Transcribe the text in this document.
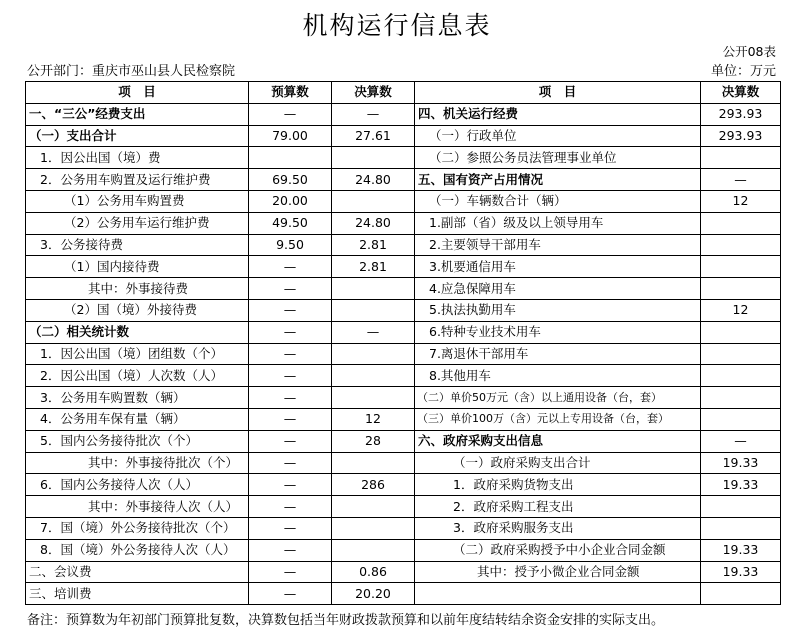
机构运行信息表
公开08表
公开部门：重庆市巫山县人民检察院	单位：万元
项　目	预算数	决算数	项　目	决算数
一、“三公”经费支出	—	—	四、机关运行经费	293.93
（一）支出合计	79.00	27.61	（一）行政单位	293.93
1．因公出国（境）费			（二）参照公务员法管理事业单位	
2．公务用车购置及运行维护费	69.50	24.80	五、国有资产占用情况	—
（1）公务用车购置费	20.00		（一）车辆数合计（辆）	12
（2）公务用车运行维护费	49.50	24.80	1.副部（省）级及以上领导用车	
3．公务接待费	9.50	2.81	2.主要领导干部用车	
（1）国内接待费	—	2.81	3.机要通信用车	
其中：外事接待费	—		4.应急保障用车	
（2）国（境）外接待费	—		5.执法执勤用车	12
（二）相关统计数	—	—	6.特种专业技术用车	
1．因公出国（境）团组数（个）	—		7.离退休干部用车	
2．因公出国（境）人次数（人）	—		8.其他用车	
3．公务用车购置数（辆）	—		（二）单价50万元（含）以上通用设备（台，套）	
4．公务用车保有量（辆）	—	12	（三）单价100万（含）元以上专用设备（台，套）	
5．国内公务接待批次（个）	—	28	六、政府采购支出信息	—
其中：外事接待批次（个）	—		（一）政府采购支出合计	19.33
6．国内公务接待人次（人）	—	286	1．政府采购货物支出	19.33
其中：外事接待人次（人）	—		2．政府采购工程支出	
7．国（境）外公务接待批次（个）	—		3．政府采购服务支出	
8．国（境）外公务接待人次（人）	—		（二）政府采购授予中小企业合同金额	19.33
二、会议费	—	0.86	其中：授予小微企业合同金额	19.33
三、培训费	—	20.20		
备注：预算数为年初部门预算批复数，决算数包括当年财政拨款预算和以前年度结转结余资金安排的实际支出。
